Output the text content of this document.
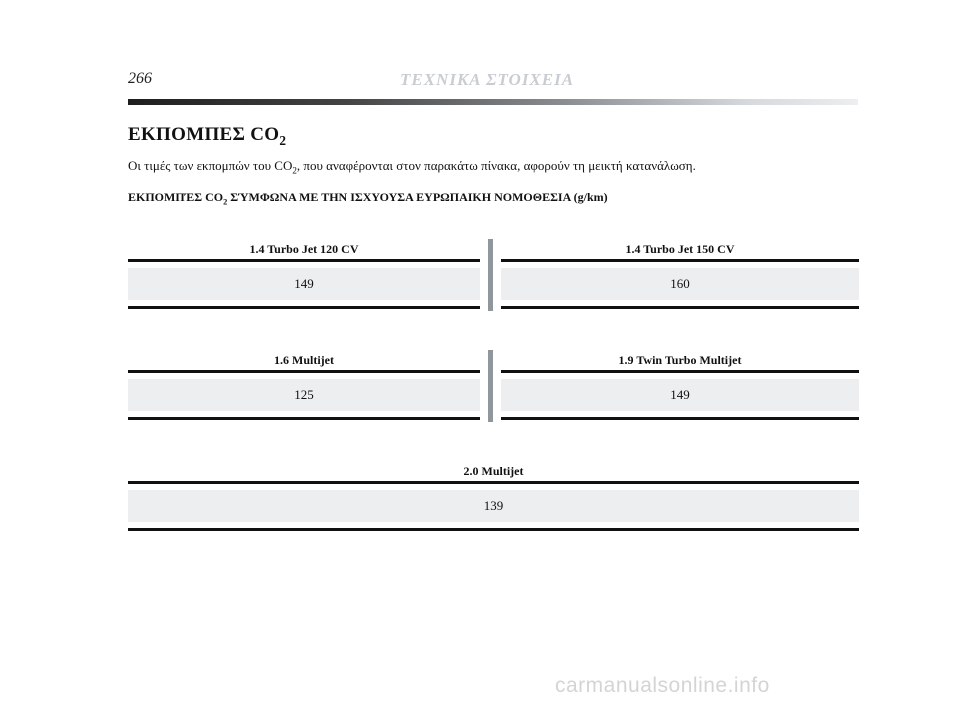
266	ΤΕΧΝΙΚΑ ΣΤΟΙΧΕΙΑ
ΕΚΠΟΜΠΕΣ $CO_2$
Οι τιμές των εκπομπών του $CO_2$, που αναφέρονται στον παρακάτω πίνακα, αφορούν τη μεικτή κατανάλωση.
ΕΚΠΟΜΠΈΣ $CO_2$ ΣΎΜΦΩΝΑ ΜΕ ΤΗΝ ΙΣΧΥΟΥΣΑ ΕΥΡΩΠΑΙΚΗ ΝΟΜΟΘΕΣΙΑ (g/km)
1.4 Turbo Jet 120 CV
149
1.4 Turbo Jet 150 CV
160
1.6 Multijet
125
1.9 Twin Turbo Multijet
149
2.0 Multijet
139
carmanualsonline.info
